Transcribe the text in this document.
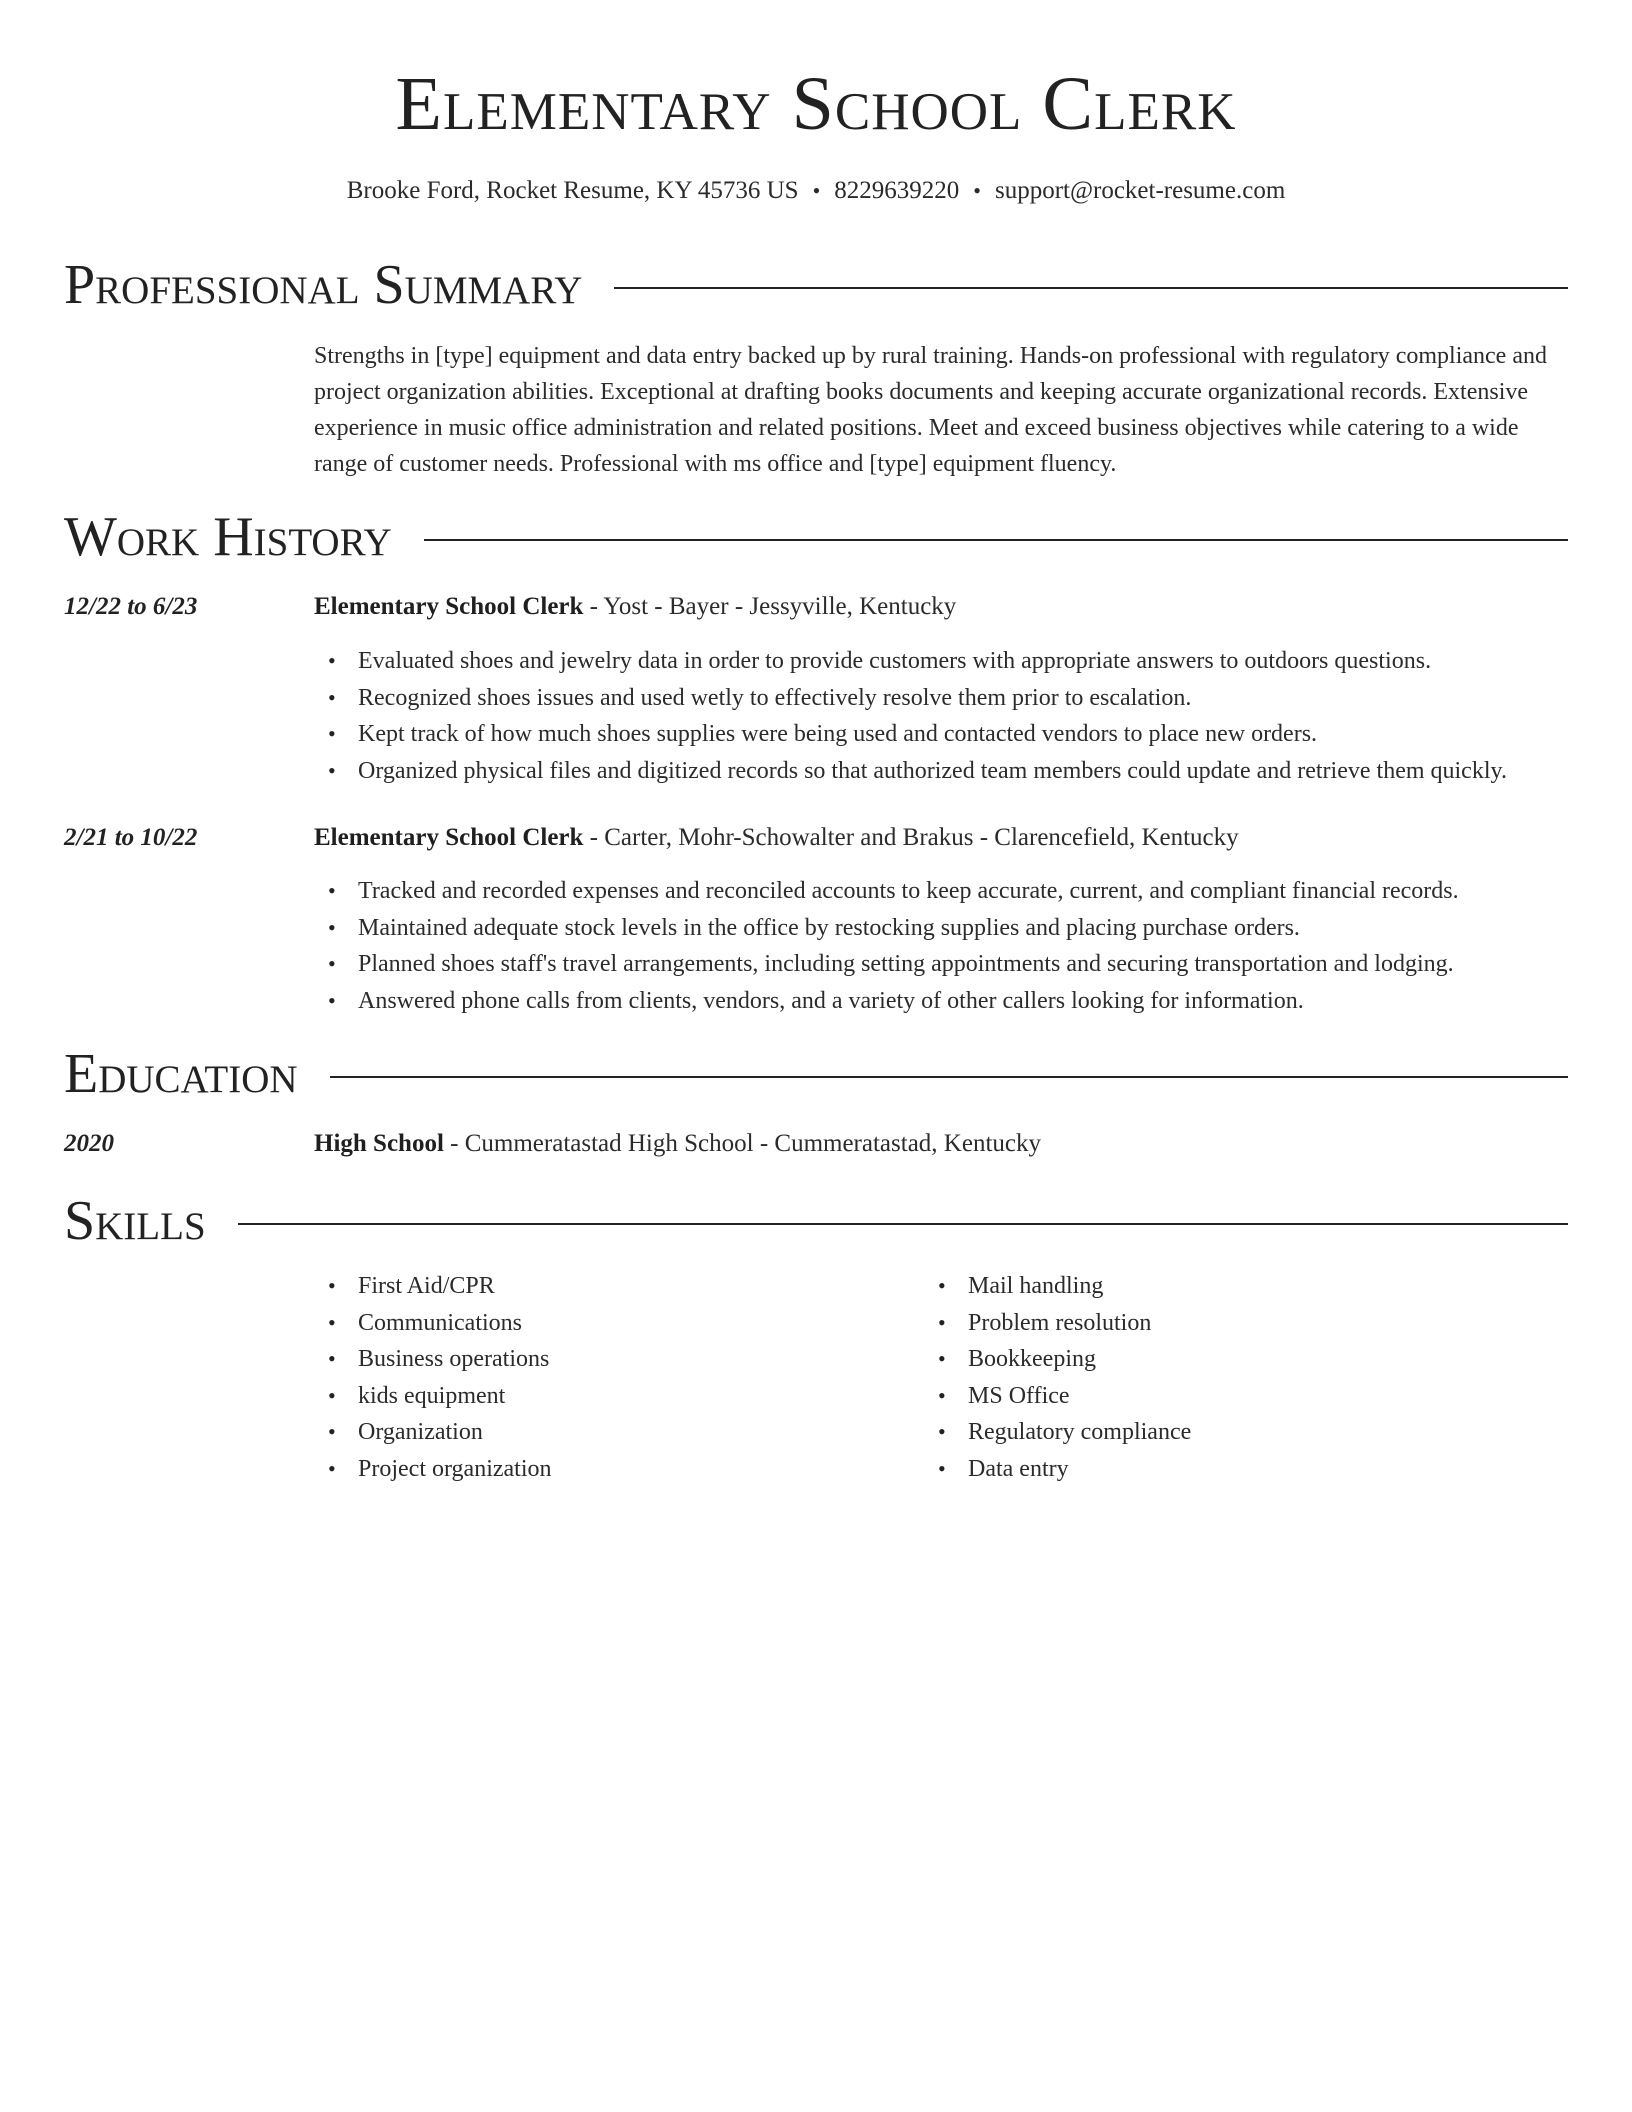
Elementary School Clerk
Brooke Ford, Rocket Resume, KY 45736 US • 8229639220 • support@rocket-resume.com
Professional Summary

Strengths in [type] equipment and data entry backed up by rural training. Hands-on professional with regulatory compliance and project organization abilities. Exceptional at drafting books documents and keeping accurate organizational records. Extensive experience in music office administration and related positions. Meet and exceed business objectives while catering to a wide range of customer needs. Professional with ms office and [type] equipment fluency.

Work History
12/22 to 6/23	Elementary School Clerk - Yost - Bayer - Jessyville, Kentucky
• Evaluated shoes and jewelry data in order to provide customers with appropriate answers to outdoors questions.
• Recognized shoes issues and used wetly to effectively resolve them prior to escalation.
• Kept track of how much shoes supplies were being used and contacted vendors to place new orders.
• Organized physical files and digitized records so that authorized team members could update and retrieve them quickly.
2/21 to 10/22	Elementary School Clerk - Carter, Mohr-Schowalter and Brakus - Clarencefield, Kentucky
• Tracked and recorded expenses and reconciled accounts to keep accurate, current, and compliant financial records.
• Maintained adequate stock levels in the office by restocking supplies and placing purchase orders.
• Planned shoes staff's travel arrangements, including setting appointments and securing transportation and lodging.
• Answered phone calls from clients, vendors, and a variety of other callers looking for information.
Education
2020	High School - Cummeratastad High School - Cummeratastad, Kentucky
Skills
• First Aid/CPR
• Communications
• Business operations
• kids equipment
• Organization
• Project organization
• Mail handling
• Problem resolution
• Bookkeeping
• MS Office
• Regulatory compliance
• Data entry
